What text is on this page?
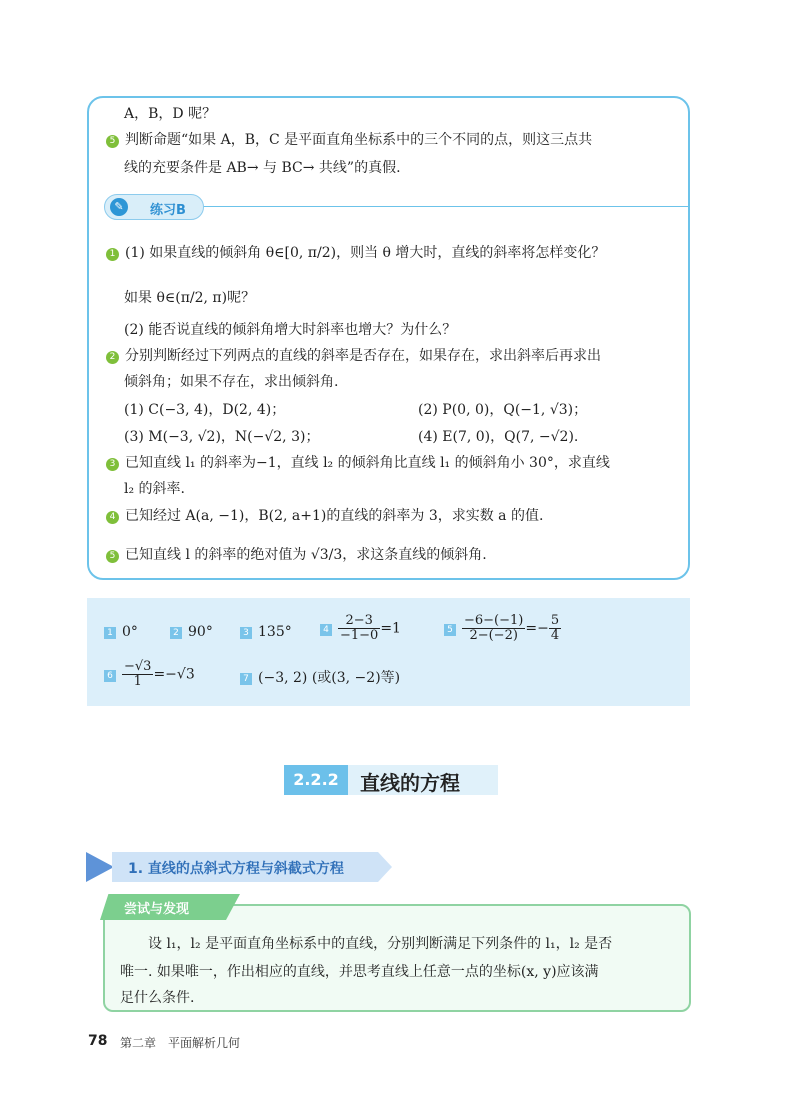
A，B，D 呢？
5 判断命题“如果 A，B，C 是平面直角坐标系中的三个不同的点，则这三点共
线的充要条件是 AB→ 与 BC→ 共线”的真假.
✎	练习B
1 (1) 如果直线的倾斜角 θ∈[0, π/2)，则当 θ 增大时，直线的斜率将怎样变化？
如果 θ∈(π/2, π)呢？
(2) 能否说直线的倾斜角增大时斜率也增大？为什么？
2 分别判断经过下列两点的直线的斜率是否存在，如果存在，求出斜率后再求出
倾斜角；如果不存在，求出倾斜角.
(1) C(−3, 4)，D(2, 4)；	(2) P(0, 0)，Q(−1, √3)；
(3) M(−3, √2)，N(−√2, 3)；	(4) E(7, 0)，Q(7, −√2).
3 已知直线 l₁ 的斜率为−1，直线 l₂ 的倾斜角比直线 l₁ 的倾斜角小 30°，求直线
l₂ 的斜率.
4 已知经过 A(a, −1)，B(2, a+1)的直线的斜率为 3，求实数 a 的值.
5 已知直线 l 的斜率的绝对值为 √3/3，求这条直线的倾斜角.
1 0°	2 90°	3 135°	$4 \frac{2-3}{-1-0} =1$	$5 \frac{-6-(-1)}{2-(-2)} =- \frac{5}{4}$
$6 \frac{-√3}{1} =-√3$	7 (−3, 2) (或(3, −2)等)
2.2.2	直线的方程
1. 直线的点斜式方程与斜截式方程
尝试与发现
设 l₁，l₂ 是平面直角坐标系中的直线，分别判断满足下列条件的 l₁，l₂ 是否
唯一. 如果唯一，作出相应的直线，并思考直线上任意一点的坐标(x, y)应该满
足什么条件.
78 第二章　平面解析几何
